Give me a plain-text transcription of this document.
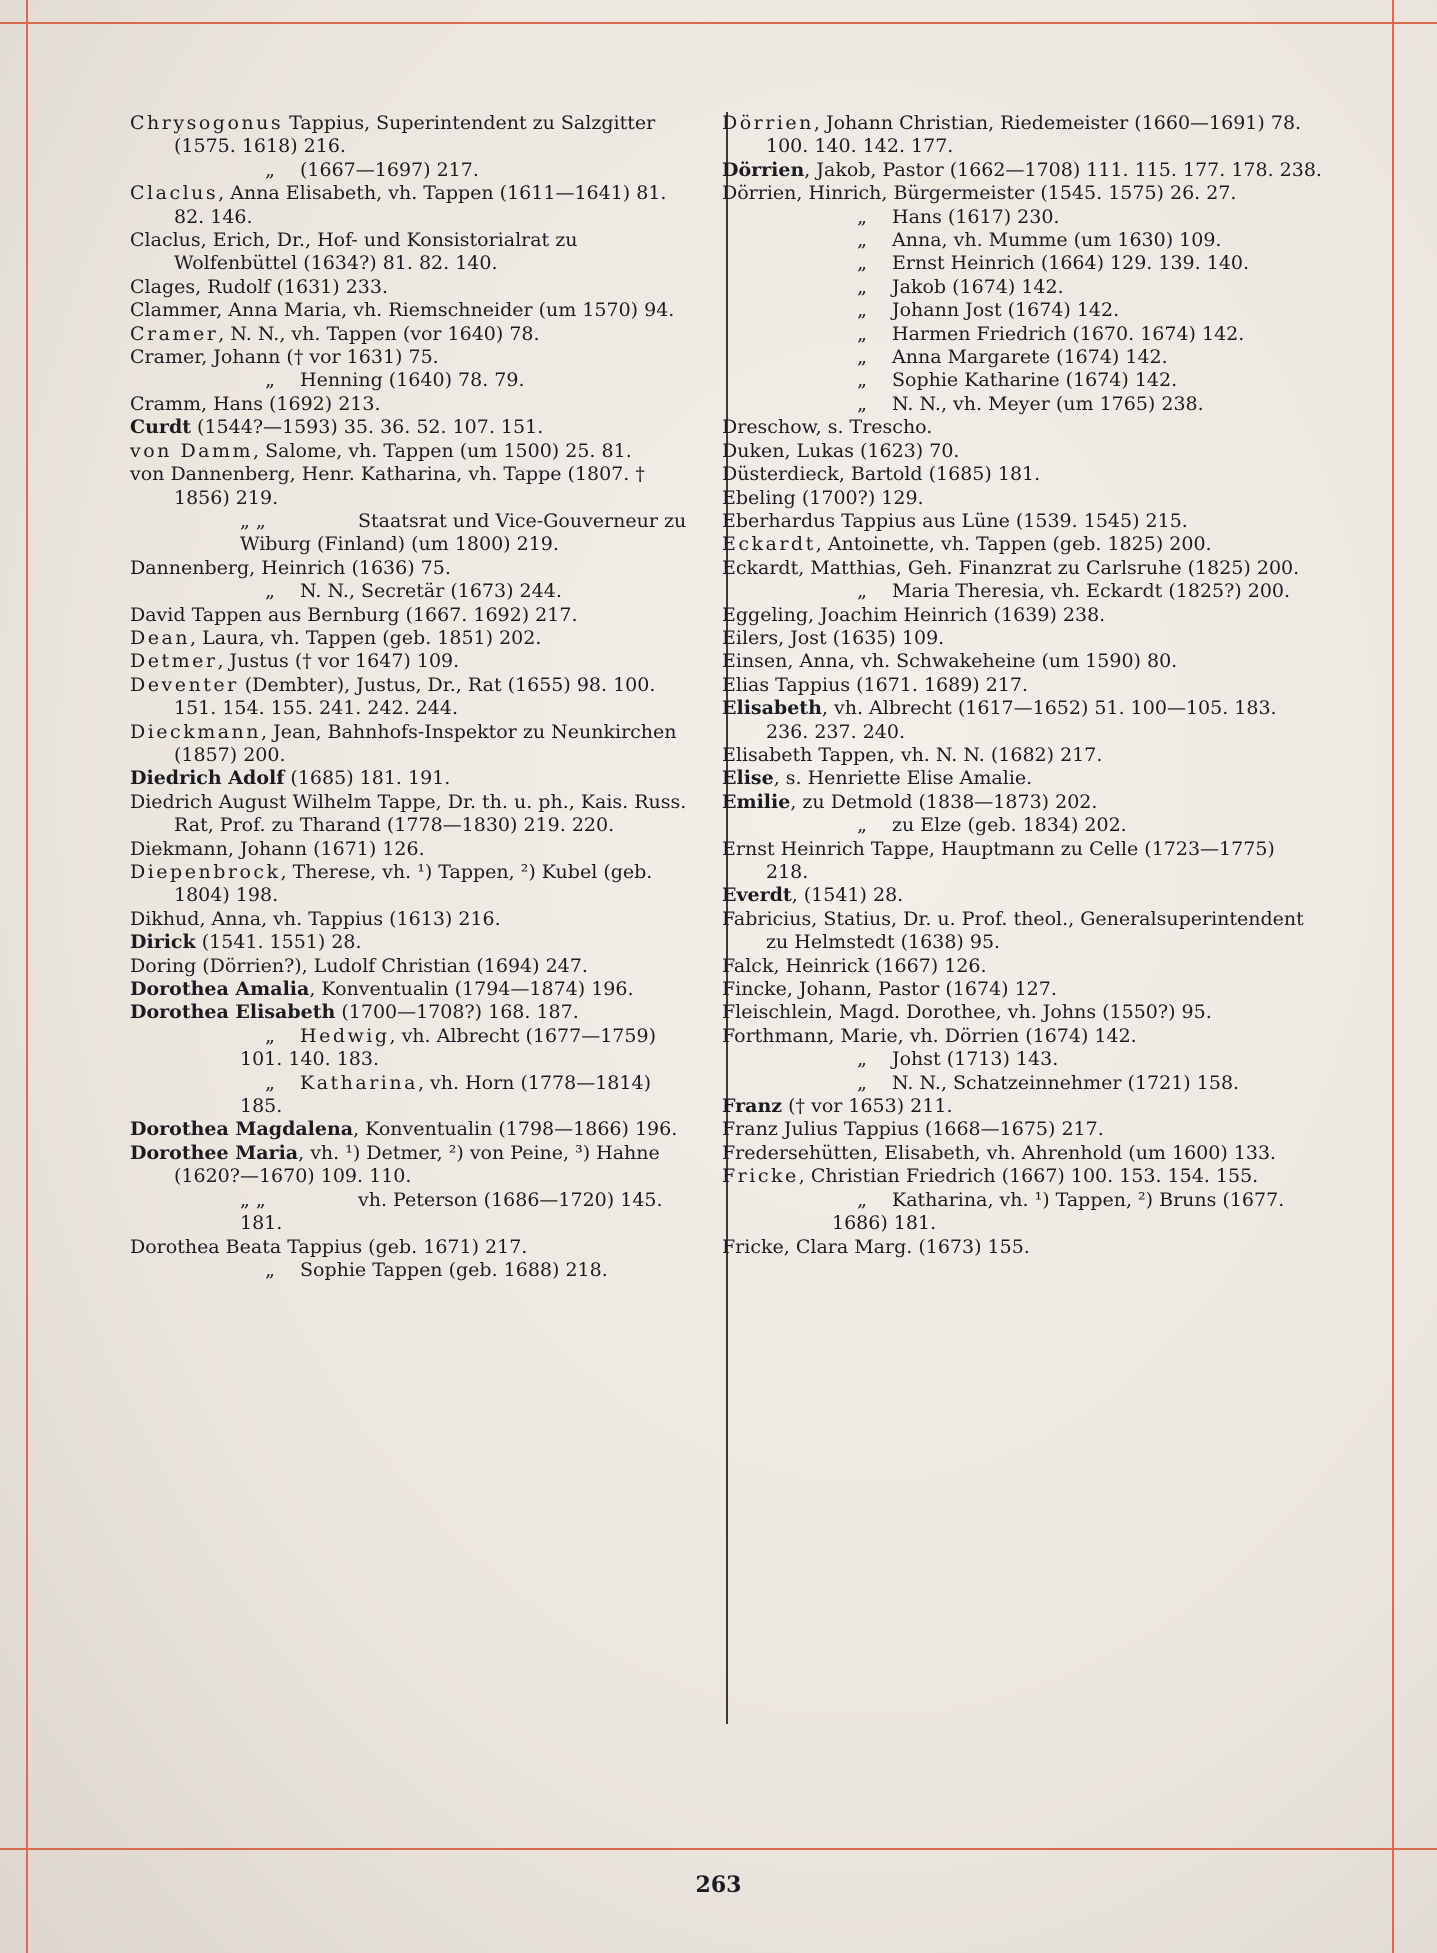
Chrysogonus Tappius, Superintendent zu Salzgitter (1575. 1618) 216.

„ (1667—1697) 217.

Claclus, Anna Elisabeth, vh. Tappen (1611—1641) 81. 82. 146.

Claclus, Erich, Dr., Hof- und Konsistorialrat zu Wolfenbüttel (1634?) 81. 82. 140.

Clages, Rudolf (1631) 233.

Clammer, Anna Maria, vh. Riemschneider (um 1570) 94.

Cramer, N. N., vh. Tappen (vor 1640) 78.

Cramer, Johann († vor 1631) 75.

„ Henning (1640) 78. 79.

Cramm, Hans (1692) 213.

Curdt (1544?—1593) 35. 36. 52. 107. 151.

von Damm, Salome, vh. Tappen (um 1500) 25. 81.

von Dannenberg, Henr. Katharina, vh. Tappe (1807. † 1856) 219.

„ „	Staatsrat und Vice-Gouverneur zu Wiburg (Finland) (um 1800) 219.

Dannenberg, Heinrich (1636) 75.

„ N. N., Secretär (1673) 244.

David Tappen aus Bernburg (1667. 1692) 217.

Dean, Laura, vh. Tappen (geb. 1851) 202.

Detmer, Justus († vor 1647) 109.

Deventer (Dembter), Justus, Dr., Rat (1655) 98. 100. 151. 154. 155. 241. 242. 244.

Dieckmann, Jean, Bahnhofs-Inspektor zu Neunkirchen (1857) 200.

Diedrich Adolf (1685) 181. 191.

Diedrich August Wilhelm Tappe, Dr. th. u. ph., Kais. Russ. Rat, Prof. zu Tharand (1778—1830) 219. 220.

Diekmann, Johann (1671) 126.

Diepenbrock, Therese, vh. ¹) Tappen, ²) Kubel (geb. 1804) 198.

Dikhud, Anna, vh. Tappius (1613) 216.

Dirick (1541. 1551) 28.

Doring (Dörrien?), Ludolf Christian (1694) 247.

Dorothea Amalia, Konventualin (1794—1874) 196.

Dorothea Elisabeth (1700—1708?) 168. 187.

„ Hedwig, vh. Albrecht (1677—1759) 101. 140. 183.

„ Katharina, vh. Horn (1778—1814) 185.

Dorothea Magdalena, Konventualin (1798—1866) 196.

Dorothee Maria, vh. ¹) Detmer, ²) von Peine, ³) Hahne (1620?—1670) 109. 110.

„ „	vh. Peterson (1686—1720) 145. 181.

Dorothea Beata Tappius (geb. 1671) 217.

„ Sophie Tappen (geb. 1688) 218.

Dörrien, Johann Christian, Riedemeister (1660—1691) 78. 100. 140. 142. 177.

Dörrien, Jakob, Pastor (1662—1708) 111. 115. 177. 178. 238.

Dörrien, Hinrich, Bürgermeister (1545. 1575) 26. 27.

„ Hans (1617) 230.

„ Anna, vh. Mumme (um 1630) 109.

„ Ernst Heinrich (1664) 129. 139. 140.

„ Jakob (1674) 142.

„ Johann Jost (1674) 142.

„ Harmen Friedrich (1670. 1674) 142.

„ Anna Margarete (1674) 142.

„ Sophie Katharine (1674) 142.

„ N. N., vh. Meyer (um 1765) 238.

Dreschow, s. Trescho.

Duken, Lukas (1623) 70.

Düsterdieck, Bartold (1685) 181.

Ebeling (1700?) 129.

Eberhardus Tappius aus Lüne (1539. 1545) 215.

Eckardt, Antoinette, vh. Tappen (geb. 1825) 200.

Eckardt, Matthias, Geh. Finanzrat zu Carlsruhe (1825) 200.

„ Maria Theresia, vh. Eckardt (1825?) 200.

Eggeling, Joachim Heinrich (1639) 238.

Eilers, Jost (1635) 109.

Einsen, Anna, vh. Schwakeheine (um 1590) 80.

Elias Tappius (1671. 1689) 217.

Elisabeth, vh. Albrecht (1617—1652) 51. 100—105. 183. 236. 237. 240.

Elisabeth Tappen, vh. N. N. (1682) 217.

Elise, s. Henriette Elise Amalie.

Emilie, zu Detmold (1838—1873) 202.

„ zu Elze (geb. 1834) 202.

Ernst Heinrich Tappe, Hauptmann zu Celle (1723—1775) 218.

Everdt, (1541) 28.

Fabricius, Statius, Dr. u. Prof. theol., Generalsuperintendent zu Helmstedt (1638) 95.

Falck, Heinrick (1667) 126.

Fincke, Johann, Pastor (1674) 127.

Fleischlein, Magd. Dorothee, vh. Johns (1550?) 95.

Forthmann, Marie, vh. Dörrien (1674) 142.

„ Johst (1713) 143.

„ N. N., Schatzeinnehmer (1721) 158.

Franz († vor 1653) 211.

Franz Julius Tappius (1668—1675) 217.

Fredersehütten, Elisabeth, vh. Ahrenhold (um 1600) 133.

Fricke, Christian Friedrich (1667) 100. 153. 154. 155.

„ Katharina, vh. ¹) Tappen, ²) Bruns (1677. 1686) 181.

Fricke, Clara Marg. (1673) 155.

263
